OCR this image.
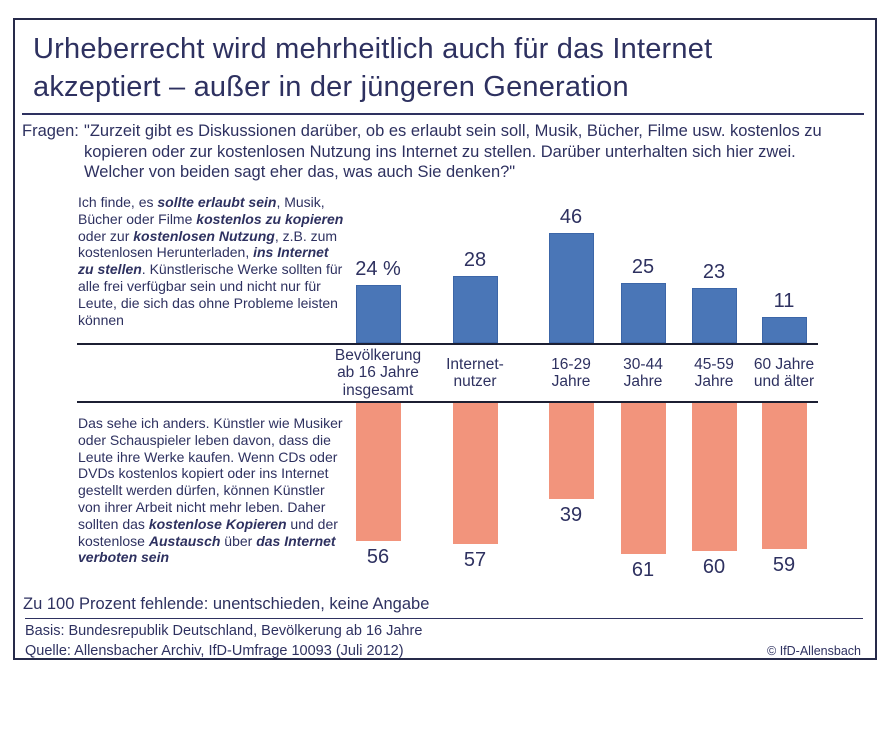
Urheberrecht wird mehrheitlich auch für das Internet
akzeptiert – außer in der jüngeren Generation
Fragen: "Zurzeit gibt es Diskussionen darüber, ob es erlaubt sein soll, Musik, Bücher, Filme usw. kostenlos zu kopieren oder zur kostenlosen Nutzung ins Internet zu stellen. Darüber unterhalten sich hier zwei. Welcher von beiden sagt eher das, was auch Sie denken?"
Ich finde, es sollte erlaubt sein, Musik, Bücher oder Filme kostenlos zu kopieren oder zur kostenlosen Nutzung, z.B. zum kostenlosen Herunterladen, ins Internet zu stellen. Künstlerische Werke sollten für alle frei verfügbar sein und nicht nur für Leute, die sich das ohne Probleme leisten können
Das sehe ich anders. Künstler wie Musiker oder Schauspieler leben davon, dass die Leute ihre Werke kaufen. Wenn CDs oder DVDs kostenlos kopiert oder ins Internet gestellt werden dürfen, können Künstler von ihrer Arbeit nicht mehr leben. Daher sollten das kostenlose Kopieren und der kostenlose Austausch über das Internet verboten sein
24 %
Bevölkerung
ab 16 Jahre
insgesamt
56
28
Internet-
nutzer
57
46
16-29
Jahre
39
25
30-44
Jahre
61
23
45-59
Jahre
60
11
60 Jahre
und älter
59
Zu 100 Prozent fehlende: unentschieden, keine Angabe
Basis: Bundesrepublik Deutschland, Bevölkerung ab 16 Jahre
Quelle: Allensbacher Archiv, IfD-Umfrage 10093 (Juli 2012)	© IfD-Allensbach
